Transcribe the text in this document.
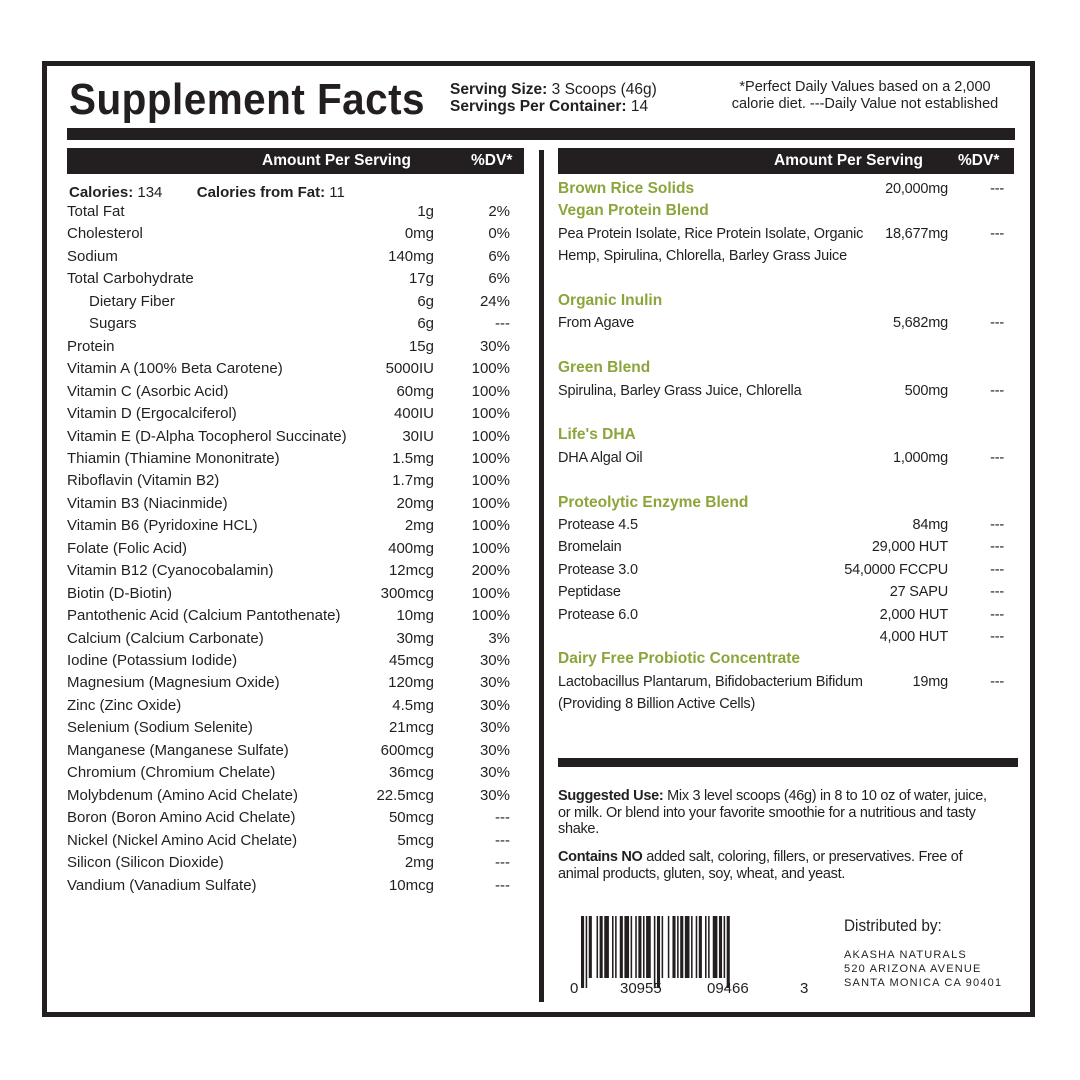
Supplement Facts Serving Size: 3 Scoops (46g)
Servings Per Container: 14
*Perfect Daily Values based on a 2,000
calorie diet. ---Daily Value not established
Amount Per Serving	%DV*
Calories: 134 Calories from Fat: 11
Total Fat	1g	2%
Cholesterol	0mg	0%
Sodium	140mg	6%
Total Carbohydrate	17g	6%
Dietary Fiber	6g	24%
Sugars	6g	---
Protein	15g	30%
Vitamin A (100% Beta Carotene)	5000IU	100%
Vitamin C (Asorbic Acid)	60mg	100%
Vitamin D (Ergocalciferol)	400IU	100%
Vitamin E (D-Alpha Tocopherol Succinate)	30IU	100%
Thiamin (Thiamine Mononitrate)	1.5mg	100%
Riboflavin (Vitamin B2)	1.7mg	100%
Vitamin B3 (Niacinmide)	20mg	100%
Vitamin B6 (Pyridoxine HCL)	2mg	100%
Folate (Folic Acid)	400mg	100%
Vitamin B12 (Cyanocobalamin)	12mcg	200%
Biotin (D-Biotin)	300mcg	100%
Pantothenic Acid (Calcium Pantothenate)	10mg	100%
Calcium (Calcium Carbonate)	30mg	3%
Iodine (Potassium Iodide)	45mcg	30%
Magnesium (Magnesium Oxide)	120mg	30%
Zinc (Zinc Oxide)	4.5mg	30%
Selenium (Sodium Selenite)	21mcg	30%
Manganese (Manganese Sulfate)	600mcg	30%
Chromium (Chromium Chelate)	36mcg	30%
Molybdenum (Amino Acid Chelate)	22.5mcg	30%
Boron (Boron Amino Acid Chelate)	50mcg	---
Nickel (Nickel Amino Acid Chelate)	5mcg	---
Silicon (Silicon Dioxide)	2mg	---
Vandium (Vanadium Sulfate)	10mcg	---
Amount Per Serving %DV*
Brown Rice Solids	20,000mg	---
Vegan Protein Blend
Pea Protein Isolate, Rice Protein Isolate, Organic 18,677mg	---
Hemp, Spirulina, Chlorella, Barley Grass Juice
Organic Inulin
From Agave	5,682mg	---
Green Blend
Spirulina, Barley Grass Juice, Chlorella	500mg	---
Life's DHA
DHA Algal Oil	1,000mg	---
Proteolytic Enzyme Blend
Protease 4.5	84mg	---
Bromelain	29,000 HUT	---
Protease 3.0	54,0000 FCCPU	---
Peptidase	27 SAPU	---
Protease 6.0	2,000 HUT	---
4,000 HUT	---
Dairy Free Probiotic Concentrate
Lactobacillus Plantarum, Bifidobacterium Bifidum	19mg	---
(Providing 8 Billion Active Cells)
Suggested Use: Mix 3 level scoops (46g) in 8 to 10 oz of water, juice, or milk. Or blend into your favorite smoothie for a nutritious and tasty shake.
Contains NO added salt, coloring, fillers, or preservatives. Free of animal products, gluten, soy, wheat, and yeast.
0	30955	09466	3
Distributed by:
AKASHA NATURALS
520 ARIZONA AVENUE
SANTA MONICA CA 90401
